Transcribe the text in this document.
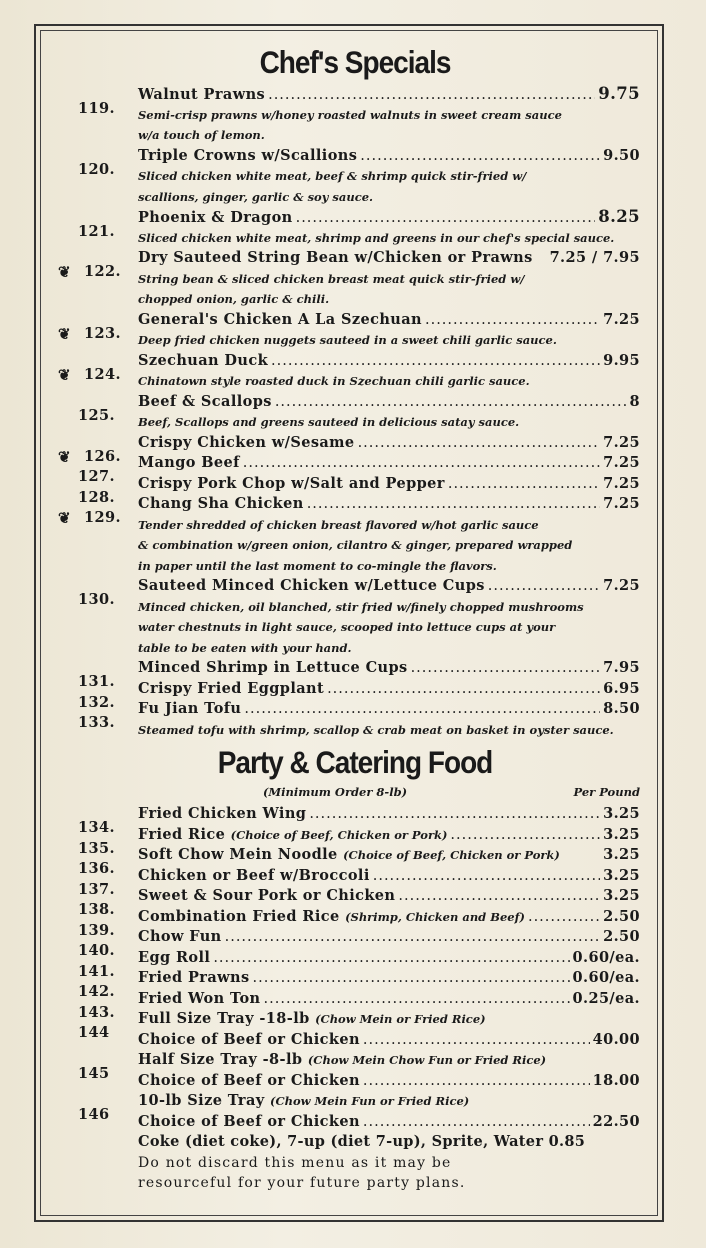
Chef's Specials
119.
Walnut Prawns .....	9.75
Semi-crisp prawns w/honey roasted walnuts in sweet cream sauce
w/a touch of lemon.
120.
Triple Crowns w/Scallions .....	9.50
Sliced chicken white meat, beef & shrimp quick stir-fried w/
scallions, ginger, garlic & soy sauce.
121.
Phoenix & Dragon .....	8.25
Sliced chicken white meat, shrimp and greens in our chef's special sauce.
❦ 122.
Dry Sauteed String Bean w/Chicken or Prawns 7.25 / 7.95
String bean & sliced chicken breast meat quick stir-fried w/
chopped onion, garlic & chili.
❦ 123.
General's Chicken A La Szechuan .....	7.25
Deep fried chicken nuggets sauteed in a sweet chili garlic sauce.
❦ 124.
Szechuan Duck .....	9.95
Chinatown style roasted duck in Szechuan chili garlic sauce.
125.
Beef & Scallops .....	8
Beef, Scallops and greens sauteed in delicious satay sauce.
❦ 126.
Crispy Chicken w/Sesame .....	7.25
127.
Mango Beef .....	7.25
128.
Crispy Pork Chop w/Salt and Pepper .....	7.25
❦ 129.
Chang Sha Chicken .....	7.25
Tender shredded of chicken breast flavored w/hot garlic sauce
& combination w/green onion, cilantro & ginger, prepared wrapped
in paper until the last moment to co-mingle the flavors.
130.
Sauteed Minced Chicken w/Lettuce Cups .....	7.25
Minced chicken, oil blanched, stir fried w/finely chopped mushrooms
water chestnuts in light sauce, scooped into lettuce cups at your
table to be eaten with your hand.
131.
Minced Shrimp in Lettuce Cups .....	7.95
132.
Crispy Fried Eggplant .....	6.95
133.
Fu Jian Tofu .....	8.50
Steamed tofu with shrimp, scallop & crab meat on basket in oyster sauce.
Party & Catering Food
(Minimum Order 8-lb)	Per Pound
134.
Fried Chicken Wing .....	3.25
135.
Fried Rice (Choice of Beef, Chicken or Pork) .....	3.25
136.
Soft Chow Mein Noodle (Choice of Beef, Chicken or Pork)	3.25
137.
Chicken or Beef w/Broccoli .....	3.25
138.
Sweet & Sour Pork or Chicken .....	3.25
139.
Combination Fried Rice (Shrimp, Chicken and Beef) .....	2.50
140.
Chow Fun .....	2.50
141.
Egg Roll .....	0.60/ea.
142.
Fried Prawns .....	0.60/ea.
143.
Fried Won Ton .....	0.25/ea.
144
Full Size Tray -18-lb (Chow Mein or Fried Rice)
Choice of Beef or Chicken .....	40.00
145
Half Size Tray -8-lb (Chow Mein Chow Fun or Fried Rice)
Choice of Beef or Chicken .....	18.00
146
10-lb Size Tray (Chow Mein Fun or Fried Rice)
Choice of Beef or Chicken .....	22.50
Coke (diet coke), 7-up (diet 7-up), Sprite, Water 0.85
Do not discard this menu as it may be
resourceful for your future party plans.
